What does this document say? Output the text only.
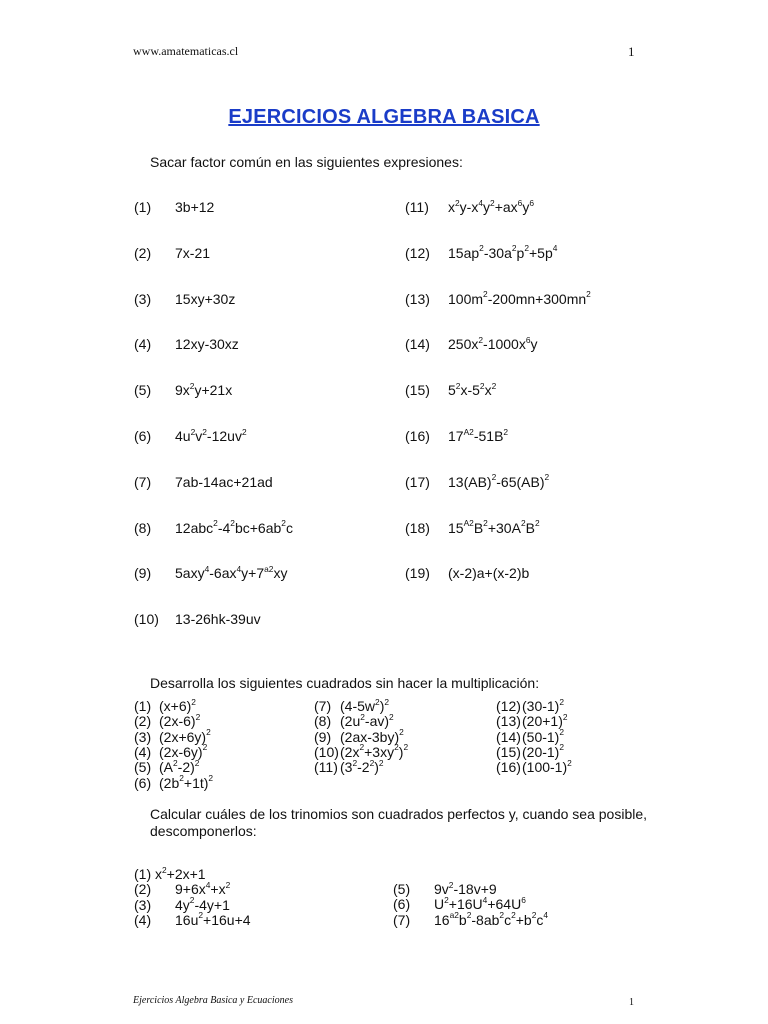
www.amatematicas.cl	1
EJERCICIOS ALGEBRA BASICA
Sacar factor común en las siguientes expresiones:
(1) 3b+12
(2) 7x-21
(3) 15xy+30z
(4) 12xy-30xz
(5) $9x^2y+21x$
(6) $4u^2v^2-12uv^2$
(7) 7ab-14ac+21ad
(8) $12abc^2-4^2bc+6ab^2c$
(9) $5axy^4-6ax^4y+7^{a2}xy$
(10) 13-26hk-39uv
(11) $x^2y-x^4y^2+ax^6y^6$
(12) $15ap^2-30a^2p^2+5p^4$
(13) $100m^2-200mn+300mn^2$
(14) $250x^2-1000x^6y$
(15) $5^2x-5^2x^2$
(16) $17^{A2}-51B^2$
(17) 13(AB)$^2$-65(AB)$^2$
(18) $15^{A2}B^2+30A^2B^2$
(19) (x-2)a+(x-2)b
Desarrolla los siguientes cuadrados sin hacer la multiplicación:
(1) $(x+6)^2$
(2) $(2x-6)^2$
(3) $(2x+6y)^2$
(4) $(2x-6y)^2$
(5) $(A^2-2)^2$
(6) $(2b^2+1t)^2$
(7) $(4-5w^2)^2$
(8) $(2u^2-av)^2$
(9) $(2ax-3by)^2$
(10) $(2x^2+3xy^2)^2$
(11) $(3^2-2^2)^2$
(12) $(30-1)^2$
(13) $(20+1)^2$
(14) $(50-1)^2$
(15) $(20-1)^2$
(16) $(100-1)^2$
Calcular cuáles de los trinomios son cuadrados perfectos y, cuando sea posible,
descomponerlos:
(1) $x^2+2x+1$
(2) $9+6x^4+x^2$
(3) $4y^2-4y+1$
(4) $16u^2+16u+4$
(5) $9v^2-18v+9$
(6) $U^2+16U^4+64U^6$
(7) $16^{a2}b^2-8ab^2c^2+b^2c^4$
Ejercicios Algebra Basica y Ecuaciones	1
